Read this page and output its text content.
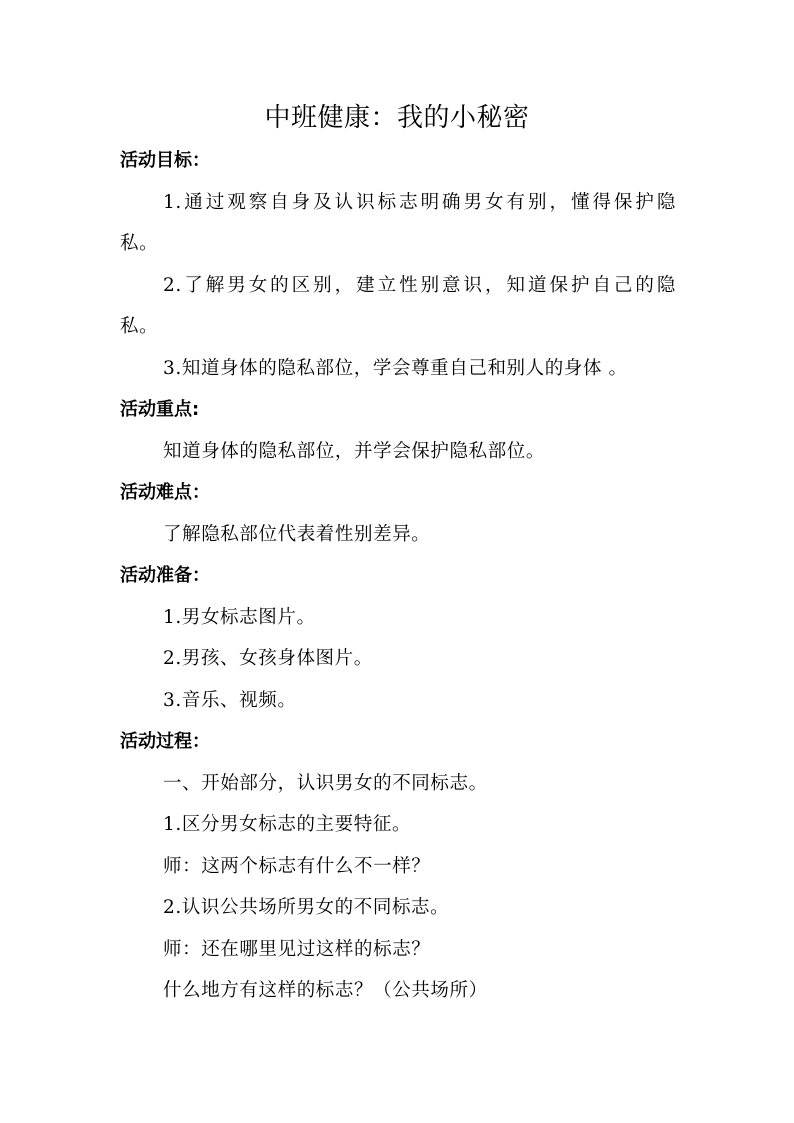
中班健康：我的小秘密
活动目标：
1.通过观察自身及认识标志明确男女有别，懂得保护隐
私。
2.了解男女的区别，建立性别意识，知道保护自己的隐
私。
3.知道身体的隐私部位，学会尊重自己和别人的身体 。
活动重点:
知道身体的隐私部位，并学会保护隐私部位。
活动难点：
了解隐私部位代表着性别差异。
活动准备：
1.男女标志图片。
2.男孩、女孩身体图片。
3.音乐、视频。
活动过程：
一、开始部分，认识男女的不同标志。
1.区分男女标志的主要特征。
师：这两个标志有什么不一样？
2.认识公共场所男女的不同标志。
师：还在哪里见过这样的标志？
什么地方有这样的标志？（公共场所）
